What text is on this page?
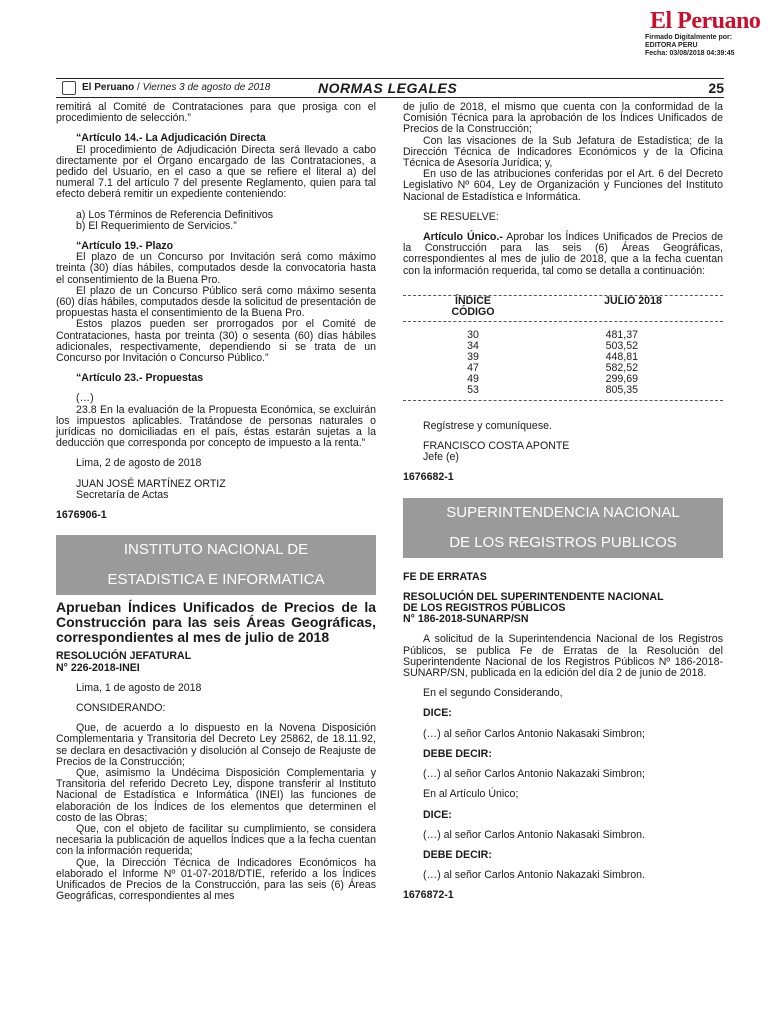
El Peruano
Firmado Digitalmente por:
EDITORA PERU
Fecha: 03/08/2018 04:39:45
El Peruano / Viernes 3 de agosto de 2018	NORMAS LEGALES	25

remitirá al Comité de Contrataciones para que prosiga con el procedimiento de selección.”

“Artículo 14.- La Adjudicación Directa

El procedimiento de Adjudicación Directa será llevado a cabo directamente por el Órgano encargado de las Contrataciones, a pedido del Usuario, en el caso a que se refiere el literal a) del numeral 7.1 del artículo 7 del presente Reglamento, quien para tal efecto deberá remitir un expediente conteniendo:

a) Los Términos de Referencia Definitivos

b) El Requerimiento de Servicios.”

“Artículo 19.- Plazo

El plazo de un Concurso por Invitación será como máximo treinta (30) días hábiles, computados desde la convocatoria hasta el consentimiento de la Buena Pro.

El plazo de un Concurso Público será como máximo sesenta (60) días hábiles, computados desde la solicitud de presentación de propuestas hasta el consentimiento de la Buena Pro.

Estos plazos pueden ser prorrogados por el Comité de Contrataciones, hasta por treinta (30) o sesenta (60) días hábiles adicionales, respectivamente, dependiendo si se trata de un Concurso por Invitación o Concurso Público.”

“Artículo 23.- Propuestas

(…)

23.8 En la evaluación de la Propuesta Económica, se excluirán los impuestos aplicables. Tratándose de personas naturales o jurídicas no domiciliadas en el país, éstas estarán sujetas a la deducción que corresponda por concepto de impuesto a la renta.”

Lima, 2 de agosto de 2018

JUAN JOSÉ MARTÍNEZ ORTIZ

Secretaría de Actas

1676906-1

INSTITUTO NACIONAL DE
ESTADISTICA E INFORMATICA

Aprueban Índices Unificados de Precios de la Construcción para las seis Áreas Geográficas, correspondientes al mes de julio de 2018

RESOLUCIÓN JEFATURAL

N° 226-2018-INEI

Lima, 1 de agosto de 2018

CONSIDERANDO:

Que, de acuerdo a lo dispuesto en la Novena Disposición Complementaria y Transitoria del Decreto Ley 25862, de 18.11.92, se declara en desactivación y disolución al Consejo de Reajuste de Precios de la Construcción;

Que, asimismo la Undécima Disposición Complementaria y Transitoria del referido Decreto Ley, dispone transferir al Instituto Nacional de Estadística e Informática (INEI) las funciones de elaboración de los Índices de los elementos que determinen el costo de las Obras;

Que, con el objeto de facilitar su cumplimiento, se considera necesaria la publicación de aquellos Índices que a la fecha cuentan con la información requerida;

Que, la Dirección Técnica de Indicadores Económicos ha elaborado el Informe Nº 01-07-2018/DTIE, referido a los Índices Unificados de Precios de la Construcción, para las seis (6) Áreas Geográficas, correspondientes al mes

de julio de 2018, el mismo que cuenta con la conformidad de la Comisión Técnica para la aprobación de los Índices Unificados de Precios de la Construcción;

Con las visaciones de la Sub Jefatura de Estadística; de la Dirección Técnica de Indicadores Económicos y de la Oficina Técnica de Asesoría Jurídica; y,

En uso de las atribuciones conferidas por el Art. 6 del Decreto Legislativo Nº 604, Ley de Organización y Funciones del Instituto Nacional de Estadística e Informática.

SE RESUELVE:

Artículo Único.- Aprobar los Índices Unificados de Precios de la Construcción para las seis (6) Áreas Geográficas, correspondientes al mes de julio de 2018, que a la fecha cuentan con la información requerida, tal como se detalla a continuación:

ÍNDICE
CÓDIGO
	JULIO 2018
30	481,37
34	503,52
39	448,81
47	582,52
49	299,69
53	805,35

Regístrese y comuníquese.

FRANCISCO COSTA APONTE

Jefe (e)

1676682-1

SUPERINTENDENCIA NACIONAL
DE LOS REGISTROS PUBLICOS

FE DE ERRATAS

RESOLUCIÓN DEL SUPERINTENDENTE NACIONAL

DE LOS REGISTROS PÚBLICOS

N° 186-2018-SUNARP/SN

A solicitud de la Superintendencia Nacional de los Registros Públicos, se publica Fe de Erratas de la Resolución del Superintendente Nacional de los Registros Públicos Nº 186-2018-SUNARP/SN, publicada en la edición del día 2 de junio de 2018.

En el segundo Considerando,

DICE:

(…) al señor Carlos Antonio Nakasaki Simbron;

DEBE DECIR:

(…) al señor Carlos Antonio Nakazaki Simbron;

En al Artículo Único;

DICE:

(…) al señor Carlos Antonio Nakasaki Simbron.

DEBE DECIR:

(…) al señor Carlos Antonio Nakazaki Simbron.

1676872-1
